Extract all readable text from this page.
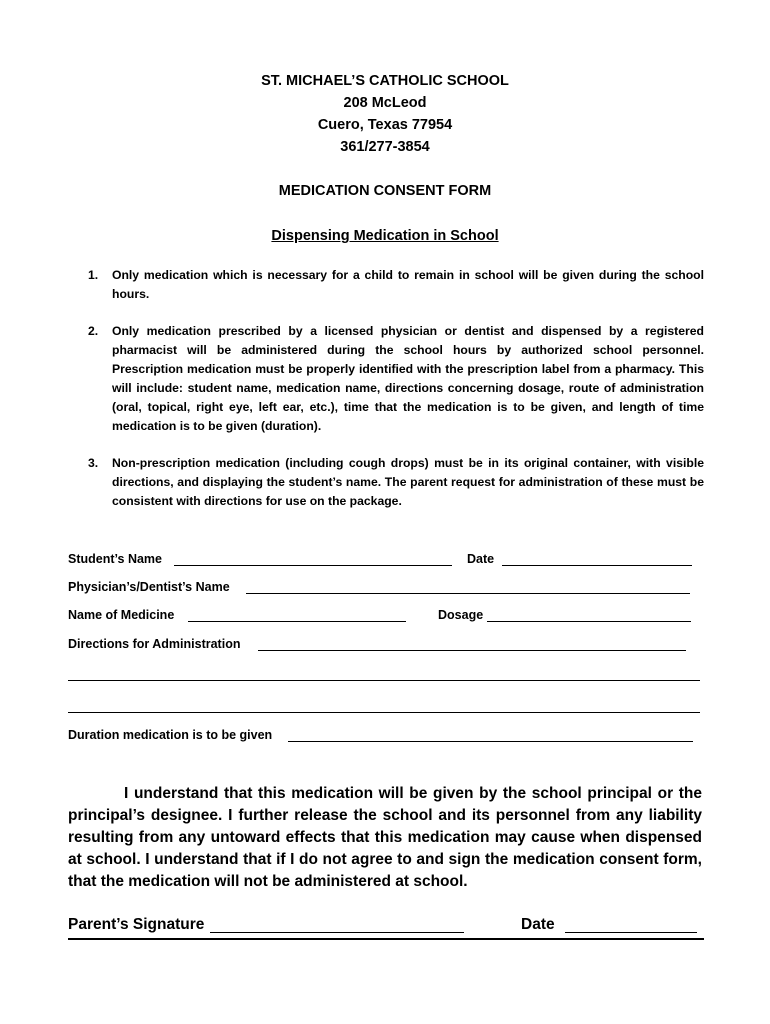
ST. MICHAEL’S CATHOLIC SCHOOL
208 McLeod
Cuero, Texas 77954
361/277-3854
MEDICATION CONSENT FORM
Dispensing Medication in School
1. Only medication which is necessary for a child to remain in school will be given during the school hours.
2. Only medication prescribed by a licensed physician or dentist and dispensed by a registered pharmacist will be administered during the school hours by authorized school personnel. Prescription medication must be properly identified with the prescription label from a pharmacy. This will include: student name, medication name, directions concerning dosage, route of administration (oral, topical, right eye, left ear, etc.), time that the medication is to be given, and length of time medication is to be given (duration).
3. Non-prescription medication (including cough drops) must be in its original container, with visible directions, and displaying the student’s name. The parent request for administration of these must be consistent with directions for use on the package.
Student’s Name	Date
Physician’s/Dentist’s Name
Name of Medicine	Dosage
Directions for Administration
Duration medication is to be given

I understand that this medication will be given by the school principal or the principal’s designee. I further release the school and its personnel from any liability resulting from any untoward effects that this medication may cause when dispensed at school. I understand that if I do not agree to and sign the medication consent form, that the medication will not be administered at school.

Parent’s Signature	Date
